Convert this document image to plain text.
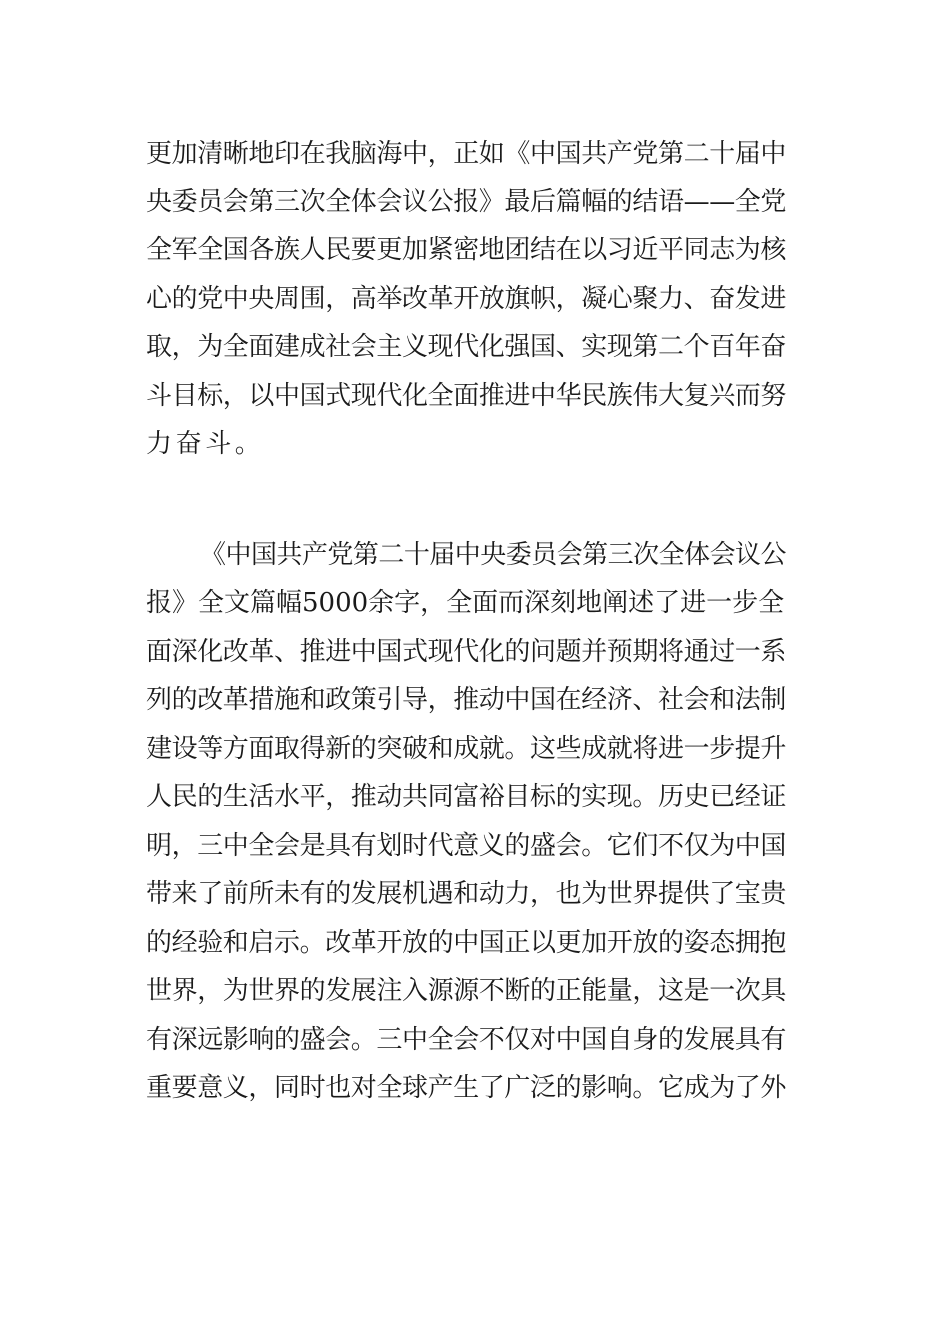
更加清晰地印在我脑海中，正如《中国共产党第二十届中
央委员会第三次全体会议公报》最后篇幅的结语——全党
全军全国各族人民要更加紧密地团结在以习近平同志为核
心的党中央周围，高举改革开放旗帜，凝心聚力、奋发进
取，为全面建成社会主义现代化强国、实现第二个百年奋
斗目标，以中国式现代化全面推进中华民族伟大复兴而努
力奋斗。
《中国共产党第二十届中央委员会第三次全体会议公
报》全文篇幅5000余字，全面而深刻地阐述了进一步全
面深化改革、推进中国式现代化的问题并预期将通过一系
列的改革措施和政策引导，推动中国在经济、社会和法制
建设等方面取得新的突破和成就。这些成就将进一步提升
人民的生活水平，推动共同富裕目标的实现。历史已经证
明，三中全会是具有划时代意义的盛会。它们不仅为中国
带来了前所未有的发展机遇和动力，也为世界提供了宝贵
的经验和启示。改革开放的中国正以更加开放的姿态拥抱
世界，为世界的发展注入源源不断的正能量，这是一次具
有深远影响的盛会。三中全会不仅对中国自身的发展具有
重要意义，同时也对全球产生了广泛的影响。它成为了外
